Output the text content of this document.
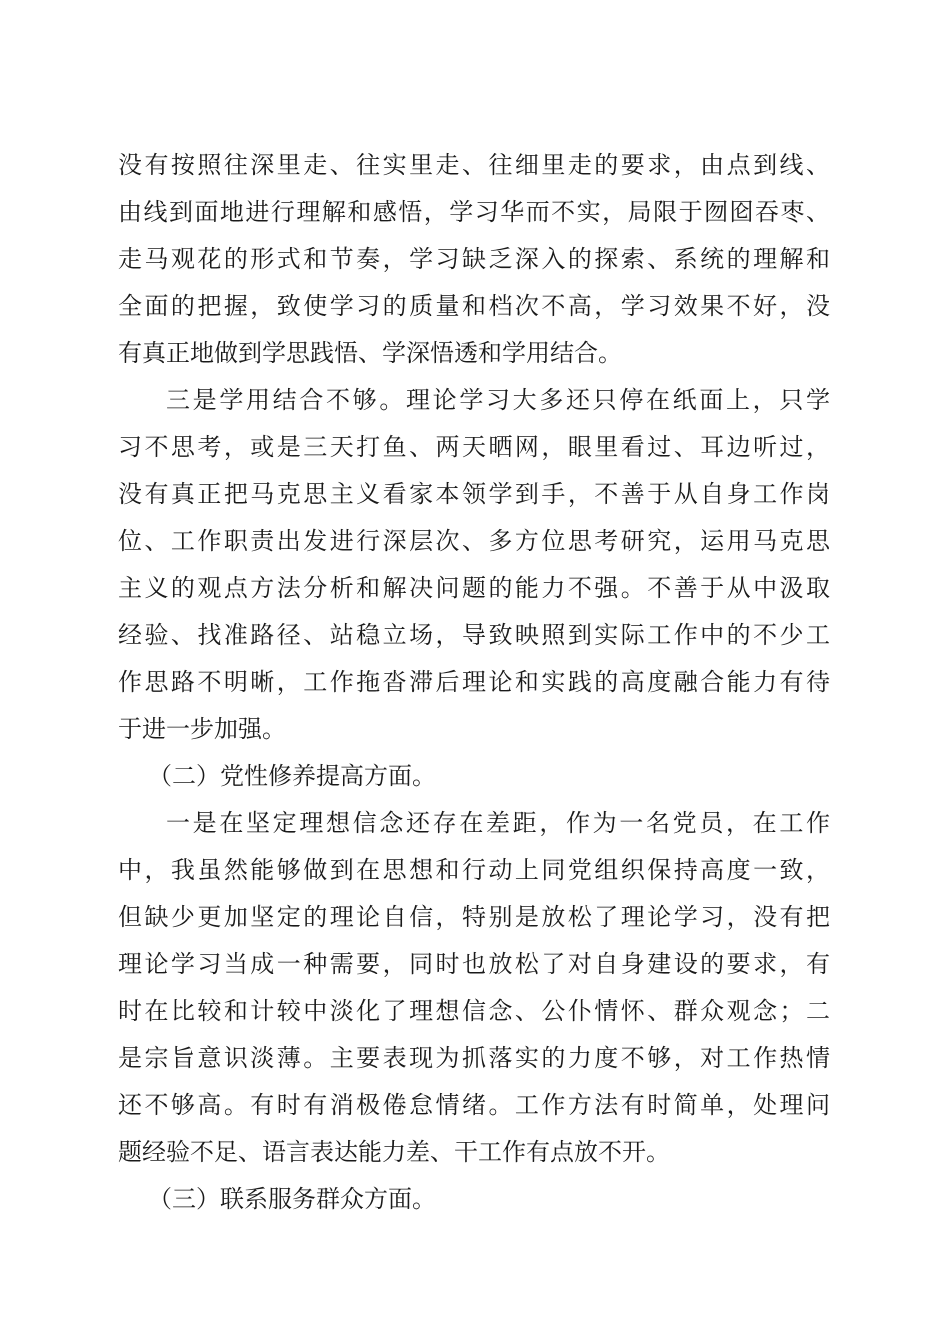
没有按照往深里走、往实里走、往细里走的要求，由点到线、
由线到面地进行理解和感悟，学习华而不实，局限于囫囵吞枣、
走马观花的形式和节奏，学习缺乏深入的探索、系统的理解和
全面的把握，致使学习的质量和档次不高，学习效果不好，没
有真正地做到学思践悟、学深悟透和学用结合。
三是学用结合不够。理论学习大多还只停在纸面上，只学
习不思考，或是三天打鱼、两天晒网，眼里看过、耳边听过，
没有真正把马克思主义看家本领学到手，不善于从自身工作岗
位、工作职责出发进行深层次、多方位思考研究，运用马克思
主义的观点方法分析和解决问题的能力不强。不善于从中汲取
经验、找准路径、站稳立场，导致映照到实际工作中的不少工
作思路不明晰，工作拖沓滞后理论和实践的高度融合能力有待
于进一步加强。
（二）党性修养提高方面。
一是在坚定理想信念还存在差距，作为一名党员，在工作
中，我虽然能够做到在思想和行动上同党组织保持高度一致，
但缺少更加坚定的理论自信，特别是放松了理论学习，没有把
理论学习当成一种需要，同时也放松了对自身建设的要求，有
时在比较和计较中淡化了理想信念、公仆情怀、群众观念；二
是宗旨意识淡薄。主要表现为抓落实的力度不够，对工作热情
还不够高。有时有消极倦怠情绪。工作方法有时简单，处理问
题经验不足、语言表达能力差、干工作有点放不开。
（三）联系服务群众方面。
